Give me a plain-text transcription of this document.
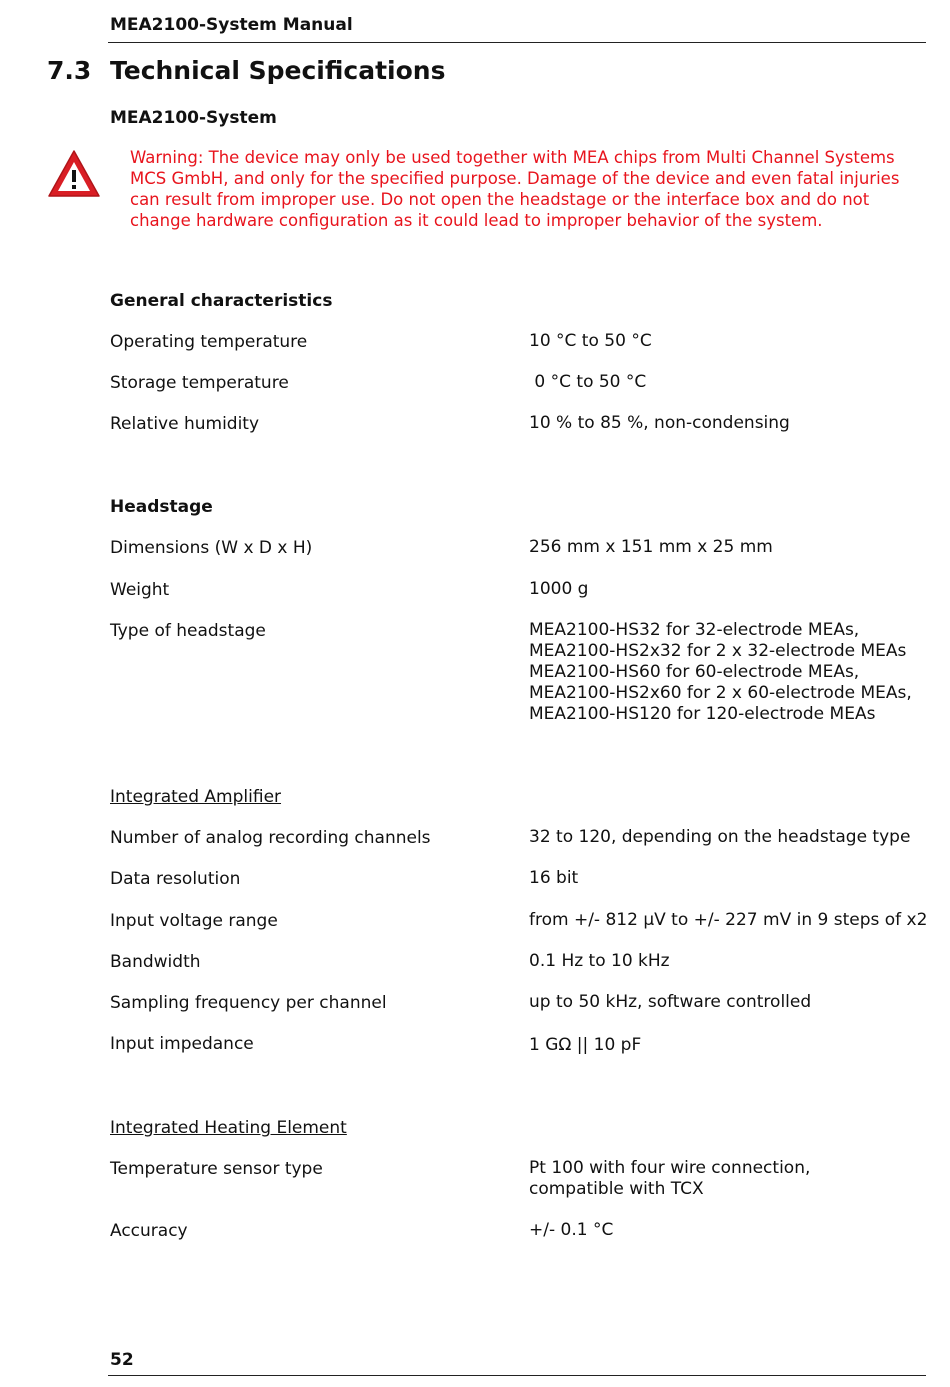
MEA2100-System Manual
7.3 Technical Specifications
MEA2100-System
Warning: The device may only be used together with MEA chips from Multi Channel Systems
MCS GmbH, and only for the specified purpose. Damage of the device and even fatal injuries
can result from improper use. Do not open the headstage or the interface box and do not
change hardware configuration as it could lead to improper behavior of the system.
General characteristics
Operating temperature	10 °C to 50 °C
Storage temperature	0 °C to 50 °C
Relative humidity	10 % to 85 %, non-condensing
Headstage
Dimensions (W x D x H)	256 mm x 151 mm x 25 mm
Weight	1000 g
Type of headstage	MEA2100-HS32 for 32-electrode MEAs,
MEA2100-HS2x32 for 2 x 32-electrode MEAs
MEA2100-HS60 for 60-electrode MEAs,
MEA2100-HS2x60 for 2 x 60-electrode MEAs,
MEA2100-HS120 for 120-electrode MEAs
Integrated Amplifier
Number of analog recording channels	32 to 120, depending on the headstage type
Data resolution	16 bit
Input voltage range	from +/- 812 µV to +/- 227 mV in 9 steps of x2
Bandwidth	0.1 Hz to 10 kHz
Sampling frequency per channel	up to 50 kHz, software controlled
Input impedance	1 GΩ || 10 pF
Integrated Heating Element
Temperature sensor type	Pt 100 with four wire connection,
compatible with TCX
Accuracy	+/- 0.1 °C
52
